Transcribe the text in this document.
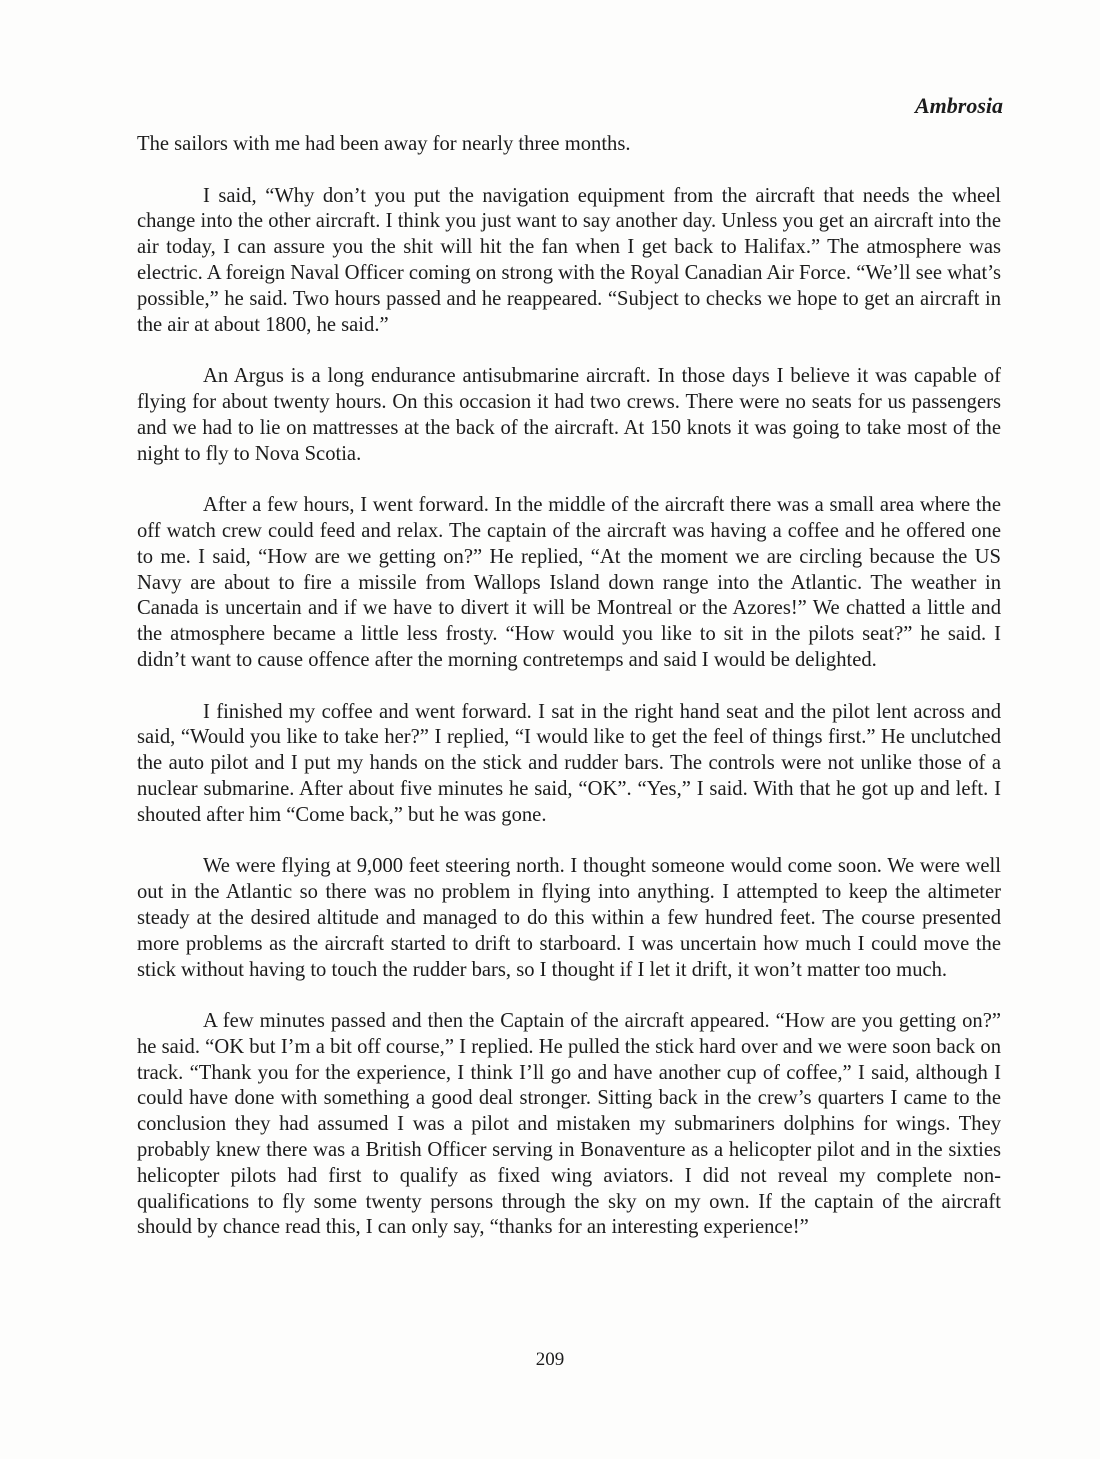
Ambrosia

The sailors with me had been away for nearly three months.

I said, “Why don’t you put the navigation equipment from the aircraft that needs the wheel change into the other aircraft. I think you just want to say another day. Unless you get an aircraft into the air today, I can assure you the shit will hit the fan when I get back to Halifax.” The atmosphere was electric. A foreign Naval Officer coming on strong with the Royal Canadian Air Force. “We’ll see what’s possible,” he said. Two hours passed and he reappeared. “Subject to checks we hope to get an aircraft in the air at about 1800, he said.”

An Argus is a long endurance antisubmarine aircraft. In those days I believe it was capable of flying for about twenty hours. On this occasion it had two crews. There were no seats for us passengers and we had to lie on mattresses at the back of the aircraft. At 150 knots it was going to take most of the night to fly to Nova Scotia.

After a few hours, I went forward. In the middle of the aircraft there was a small area where the off watch crew could feed and relax. The captain of the aircraft was having a coffee and he offered one to me. I said, “How are we getting on?” He replied, “At the moment we are circling because the US Navy are about to fire a missile from Wallops Island down range into the Atlantic. The weather in Canada is uncertain and if we have to divert it will be Montreal or the Azores!” We chatted a little and the atmosphere became a little less frosty. “How would you like to sit in the pilots seat?” he said. I didn’t want to cause offence after the morning contretemps and said I would be delighted.

I finished my coffee and went forward. I sat in the right hand seat and the pilot lent across and said, “Would you like to take her?” I replied, “I would like to get the feel of things first.” He unclutched the auto pilot and I put my hands on the stick and rudder bars. The controls were not unlike those of a nuclear submarine. After about five minutes he said, “OK”. “Yes,” I said. With that he got up and left. I shouted after him “Come back,” but he was gone.

We were flying at 9,000 feet steering north. I thought someone would come soon. We were well out in the Atlantic so there was no problem in flying into anything. I attempted to keep the altimeter steady at the desired altitude and managed to do this within a few hundred feet. The course presented more problems as the aircraft started to drift to starboard. I was uncertain how much I could move the stick without having to touch the rudder bars, so I thought if I let it drift, it won’t matter too much.

A few minutes passed and then the Captain of the aircraft appeared. “How are you getting on?” he said. “OK but I’m a bit off course,” I replied. He pulled the stick hard over and we were soon back on track. “Thank you for the experience, I think I’ll go and have another cup of coffee,” I said, although I could have done with something a good deal stronger. Sitting back in the crew’s quarters I came to the conclusion they had assumed I was a pilot and mistaken my submariners dolphins for wings. They probably knew there was a British Officer serving in Bonaventure as a helicopter pilot and in the sixties helicopter pilots had first to qualify as fixed wing aviators. I did not reveal my complete non-qualifications to fly some twenty persons through the sky on my own. If the captain of the aircraft should by chance read this, I can only say, “thanks for an interesting experience!”

209
